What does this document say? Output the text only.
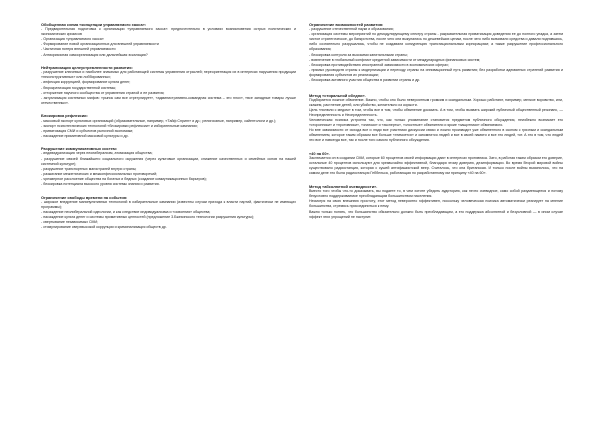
Обобщенная схема «концепции управляемого хаоса»:
- Предварительная подготовка к организации «управляемого хаоса»: предпочтительно в условиях возникновения острых политических и экономических кризисов
- Организация «управляемого хаоса»
- Формирование новой организационных для внешней управляемости
- Частичная потеря внешней управляемости
- Антикризисная самоорганизация или дальнейшая эскалация?
Нейтрализация целеустремленности развития:
- разрушение ключевых и наиболее значимых для работающей системы управления отраслей; переориентация их в интересах нарушения продукции «неконструктивных» или лоббированных;
- инфекция коррупцией, формирование культа денег;
- бюрократизация государственной системы;
- отторжение научного сообщества от управления страной и ее развития;
- актуализация системных мифов: «рынок сам все отрегулирует», «административно-командная система – это плох», «все западные товары лучше отечественных».
Блокировка рефлексии:
- массовый экспорт культовых организаций (образовательные, например, «Тайф Спринг» и др.; религиозные, например, сайентологи и др.);
- экспорт психотехнических технологий «блокировки рефлексии» и избирательные кампании;
- приватизация СМИ и субъектов рыночной экономики;
- насаждение примитивной массовой культуры и др.
Разрушение коммуникативных систем:
- индивидуализация через неолиберализм, атомизация общества;
- разрушение связей ближайшего социального окружения (через культовые организации, снижение качественных и семейных основ на нашей системной культуре);
- разрушение транспортных магистралей внутри страны;
- разжигание межэтнических и межконфессиональных противоречий;
- чрезмерное расслоение общества на богатых и бедных (создание коммуникационных барьеров);
- блокировка потенциала высокого уровня системы знания и развития.
Ограничение свободы времени на события:
- широкое внедрение манипулятивных технологий в избирательные кампании (известны случаи прихода к власти партий, фактически не имеющих программы);
- насаждение неолиберальной идеологии, и как следствие индивидуализма и «освоения» общества;
- насаждение культа денег и системы примитивных ценностей (предложение 3.Бжезинского технологии разрушения культуры);
- свертывание независимых СМИ;
- стимулирование сверхвысокой коррупции и криминализация обществ др.
Ограничение возможностей развития:
- разрушение отечественной науки и образования;
- организация системы мероприятий по демодулирующему спектру страны - ракрывательная приватизация доведения ее до полного упадка, а затем чистое стратегическое, до банкротства, после чего они выкупались по дешевейших ценам, после чего либо вкачивали средства и давали поднявшись, либо сознательно разрушались, чтобы не создавали конкуренцию транснациональным корпорациям; а также разрушение профессионального образования;
- блокировка контроля за высокими капитальными страны;
- вовлечение в глобальный конфликт кредитной зависимости от международных финансовых систем;
- блокировка противодействию иностранной зависимости в экономических сферах;
- прямых руководств страны к модернизации и переходу страны на инновационный путь развития; без разработки адекватных стратегий развития и формирования субъектов их реализации;
- блокировка активного участия общества в развитии страны и др.
Метод «стиральной обедни».
Подбирается ложное обвинение. Важно, чтобы оно было невероятным громким и скандальным. Хорошо работают, например, мелкое воровство, или, скажем, растление детей, или убийство, желательно из корысти.
Цель «пилюли с медом» в том, чтобы все в том, чтобы обвинение доказать. А в том, чтобы вызвать широкий публичный общественный резонанс, — Неопределенность и Неопределенность.
Человеческая психика устроена так, что, как только упоминание становится предметом публичного обсуждения, неизбежно возникает его «сторонники» и «противники», «знатоки» и «эксперты», «злостные» обвинители и яркие «защитники» обвиняемого.
Но вне зависимости от исхода все и люди все участники дискуссии связи и ложно производит уже обвиненного в скопом с грязным и скандальным обвинением, которое таким образом все больше «этимоется» и запомнится людей и все в своей памяти и все это людей, тот. А это в том, что людей это все и навсегда все, так и после того самого публичного обсуждения.
«40 на 60».
Заключается он в создании СМИ, которые 60 процентов своей информации дают в интересах противника. Зато, в работая таким образом его доверие, остальные 40 процентов используют для чрезвычайно эффективной, благодаря этому доверию, дезинформации. Во время Второй мировой войны существовало радиостанция, которая с сушей антифашистской веер. Считалось, что она британская. И только после войны выяснилось, что на самом деле это была радиостанция Геббельса, работающая по разработанному им принципу «40 на 60».
Метод «абсолютной очевидности».
Вместо того чтобы что-то доказывать, вы подаете то, в чем хотите убедить аудиторию, как нечто очевидное, само собой разумеющееся и потому безусловно поддерживаемое преобладающим большинством населения.
Несмотря на свою внешнюю простоту, этот метод невероятно эффективен, поскольку человеческая психика автоматически реагирует на мнение большинства, стремясь присоединиться к нему.
Важно только понять, что большинство обязательно должно быть преобладающим, а его поддержка абсолютной и безусловной — в ином случае эффект этих упрощений не наступит.
